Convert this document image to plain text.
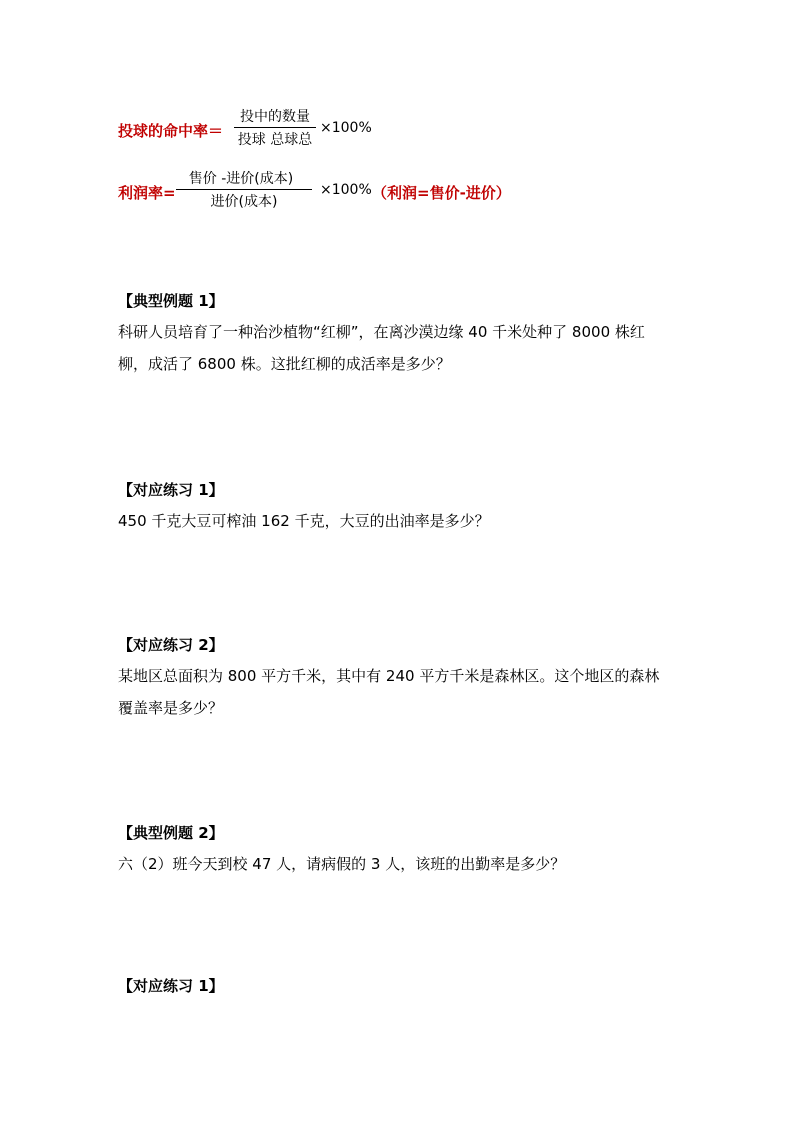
投球的命中率＝
投中的数量
投球 总球总
×100%
利润率=
售价 -进价(成本)
进价(成本)
×100% （利润=售价-进价）
【典型例题 1】

科研人员培育了一种治沙植物“红柳”，在离沙漠边缘 40 千米处种了 8000 株红

柳，成活了 6800 株。这批红柳的成活率是多少？

【对应练习 1】

450 千克大豆可榨油 162 千克，大豆的出油率是多少？

【对应练习 2】

某地区总面积为 800 平方千米，其中有 240 平方千米是森林区。这个地区的森林

覆盖率是多少？

【典型例题 2】

六（2）班今天到校 47 人，请病假的 3 人，该班的出勤率是多少？

【对应练习 1】
